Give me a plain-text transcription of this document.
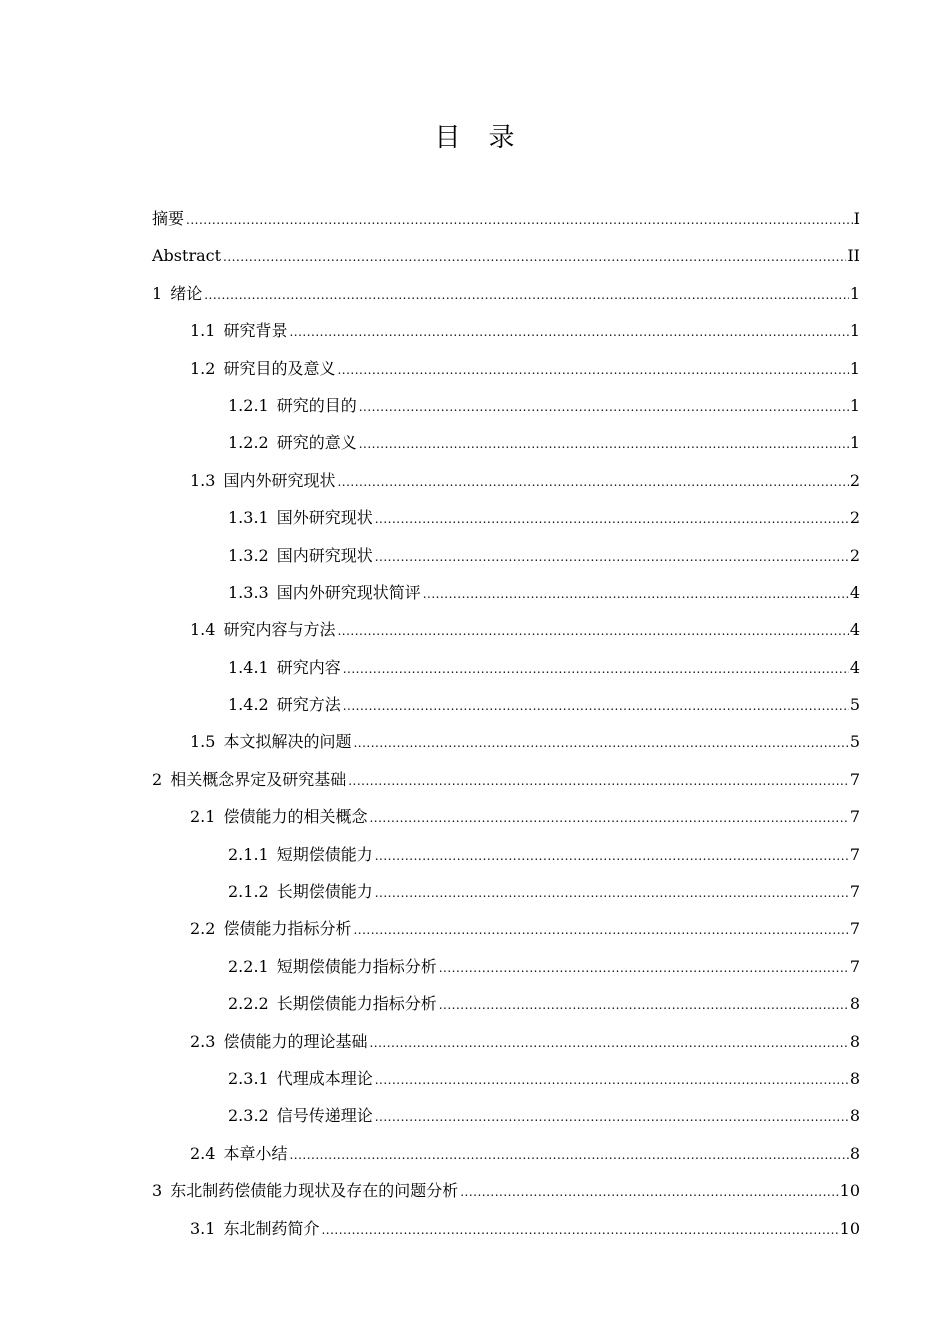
目　录
摘要 .....	I
Abstract .....	II
1 绪论 .....	1
1.1 研究背景 .....	1
1.2 研究目的及意义 .....	1
1.2.1 研究的目的 .....	1
1.2.2 研究的意义 .....	1
1.3 国内外研究现状 .....	2
1.3.1 国外研究现状 .....	2
1.3.2 国内研究现状 .....	2
1.3.3 国内外研究现状简评 .....	4
1.4 研究内容与方法 .....	4
1.4.1 研究内容 .....	4
1.4.2 研究方法 .....	5
1.5 本文拟解决的问题 .....	5
2 相关概念界定及研究基础 .....	7
2.1 偿债能力的相关概念 .....	7
2.1.1 短期偿债能力 .....	7
2.1.2 长期偿债能力 .....	7
2.2 偿债能力指标分析 .....	7
2.2.1 短期偿债能力指标分析 .....	7
2.2.2 长期偿债能力指标分析 .....	8
2.3 偿债能力的理论基础 .....	8
2.3.1 代理成本理论 .....	8
2.3.2 信号传递理论 .....	8
2.4 本章小结 .....	8
3 东北制药偿债能力现状及存在的问题分析 .....	10
3.1 东北制药简介 .....	10
